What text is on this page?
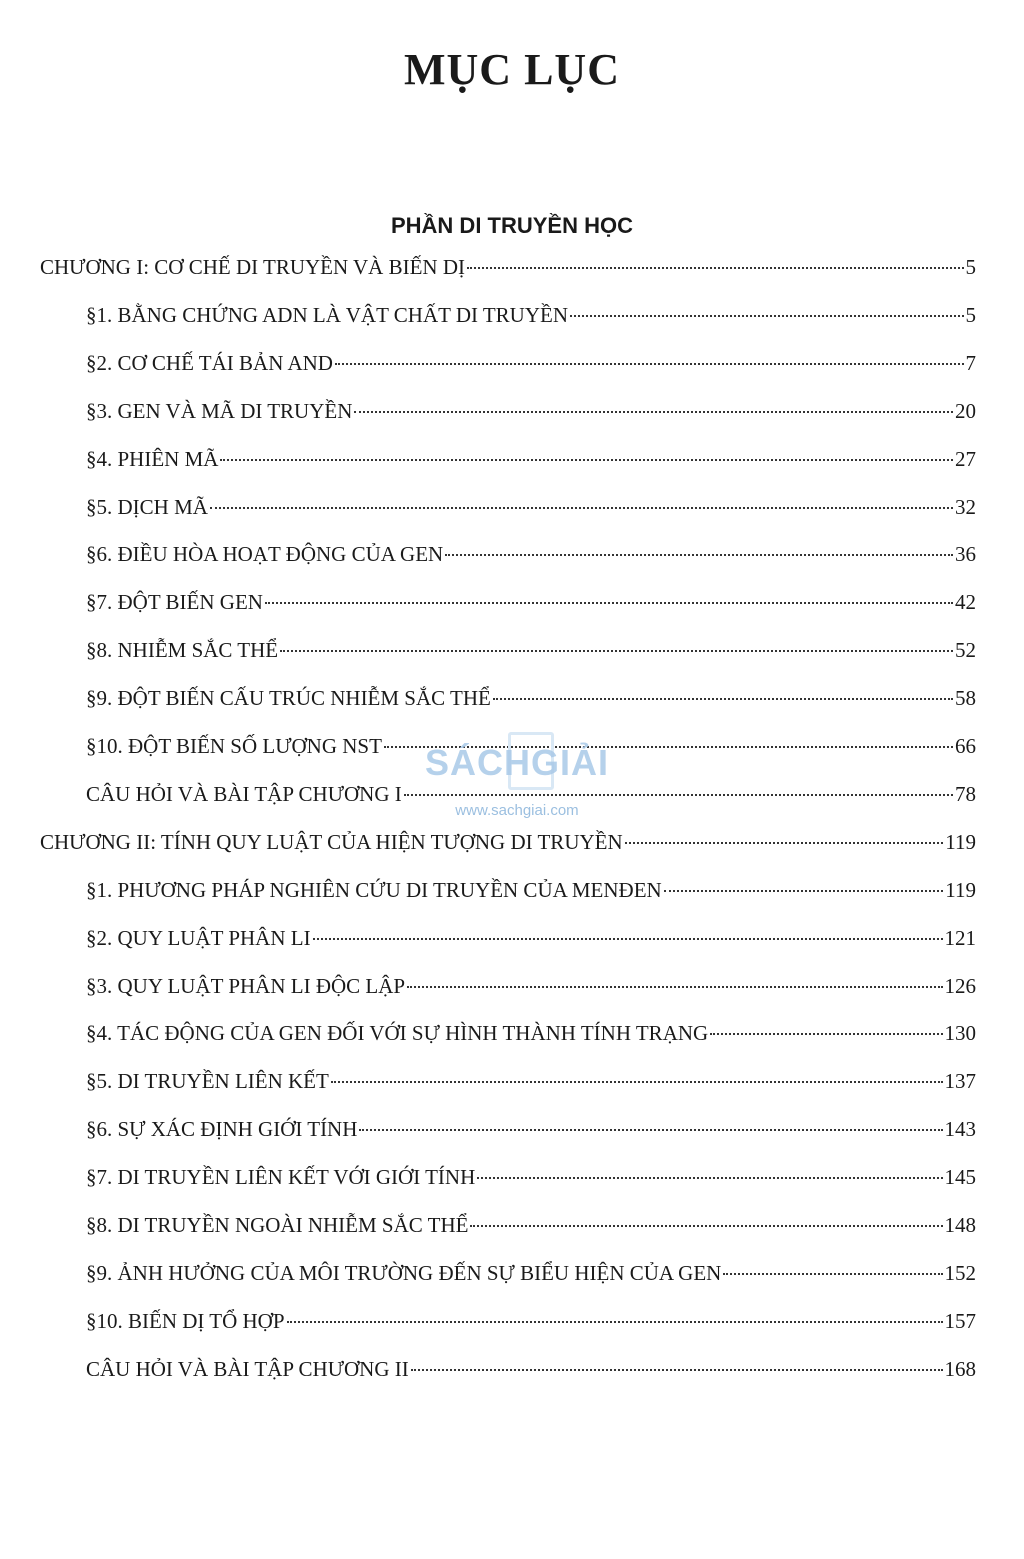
MỤC LỤC
PHẦN DI TRUYỀN HỌC
CHƯƠNG I: CƠ CHẾ DI TRUYỀN VÀ BIẾN DỊ	5
§1. BẰNG CHỨNG ADN LÀ VẬT CHẤT DI TRUYỀN	5
§2. CƠ CHẾ TÁI BẢN AND	7
§3. GEN VÀ MÃ DI TRUYỀN	20
§4. PHIÊN MÃ	27
§5. DỊCH MÃ	32
§6. ĐIỀU HÒA HOẠT ĐỘNG CỦA GEN	36
§7. ĐỘT BIẾN GEN	42
§8. NHIỄM SẮC THỂ	52
§9. ĐỘT BIẾN CẤU TRÚC NHIỄM SẮC THỂ	58
§10. ĐỘT BIẾN SỐ LƯỢNG NST	66
CÂU HỎI VÀ BÀI TẬP CHƯƠNG I	78
CHƯƠNG II: TÍNH QUY LUẬT CỦA HIỆN TƯỢNG DI TRUYỀN	119
§1. PHƯƠNG PHÁP NGHIÊN CỨU DI TRUYỀN CỦA MENĐEN	119
§2. QUY LUẬT PHÂN LI	121
§3. QUY LUẬT PHÂN LI ĐỘC LẬP	126
§4. TÁC ĐỘNG CỦA GEN ĐỐI VỚI SỰ HÌNH THÀNH TÍNH TRẠNG	130
§5. DI TRUYỀN LIÊN KẾT	137
§6. SỰ XÁC ĐỊNH GIỚI TÍNH	143
§7. DI TRUYỀN LIÊN KẾT VỚI GIỚI TÍNH	145
§8. DI TRUYỀN NGOÀI NHIỄM SẮC THỂ	148
§9. ẢNH HƯỞNG CỦA MÔI TRƯỜNG ĐẾN SỰ BIỂU HIỆN CỦA GEN	152
§10. BIẾN DỊ TỔ HỢP	157
CÂU HỎI VÀ BÀI TẬP CHƯƠNG II	168
SÁCHGIẢI
www.sachgiai.com
